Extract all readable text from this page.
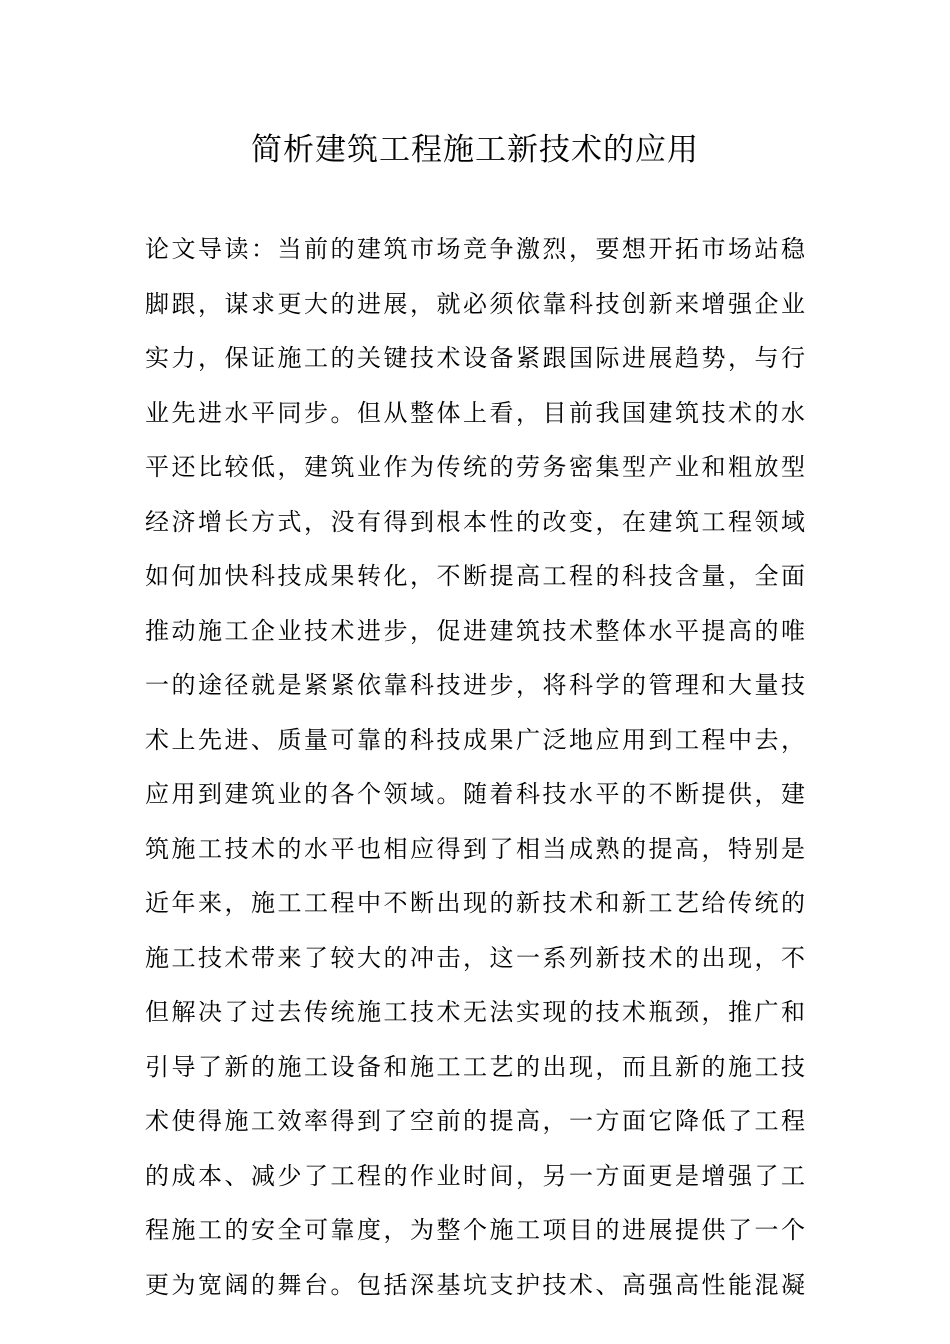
简析建筑工程施工新技术的应用
论文导读：当前的建筑市场竞争激烈，要想开拓市场站稳
脚跟，谋求更大的进展，就必须依靠科技创新来增强企业
实力，保证施工的关键技术设备紧跟国际进展趋势，与行
业先进水平同步。但从整体上看，目前我国建筑技术的水
平还比较低，建筑业作为传统的劳务密集型产业和粗放型
经济增长方式，没有得到根本性的改变，在建筑工程领域
如何加快科技成果转化，不断提高工程的科技含量，全面
推动施工企业技术进步，促进建筑技术整体水平提高的唯
一的途径就是紧紧依靠科技进步，将科学的管理和大量技
术上先进、质量可靠的科技成果广泛地应用到工程中去，
应用到建筑业的各个领域。随着科技水平的不断提供，建
筑施工技术的水平也相应得到了相当成熟的提高，特别是
近年来，施工工程中不断出现的新技术和新工艺给传统的
施工技术带来了较大的冲击，这一系列新技术的出现，不
但解决了过去传统施工技术无法实现的技术瓶颈，推广和
引导了新的施工设备和施工工艺的出现，而且新的施工技
术使得施工效率得到了空前的提高，一方面它降低了工程
的成本、减少了工程的作业时间，另一方面更是增强了工
程施工的安全可靠度，为整个施工项目的进展提供了一个
更为宽阔的舞台。包括深基坑支护技术、高强高性能混凝
